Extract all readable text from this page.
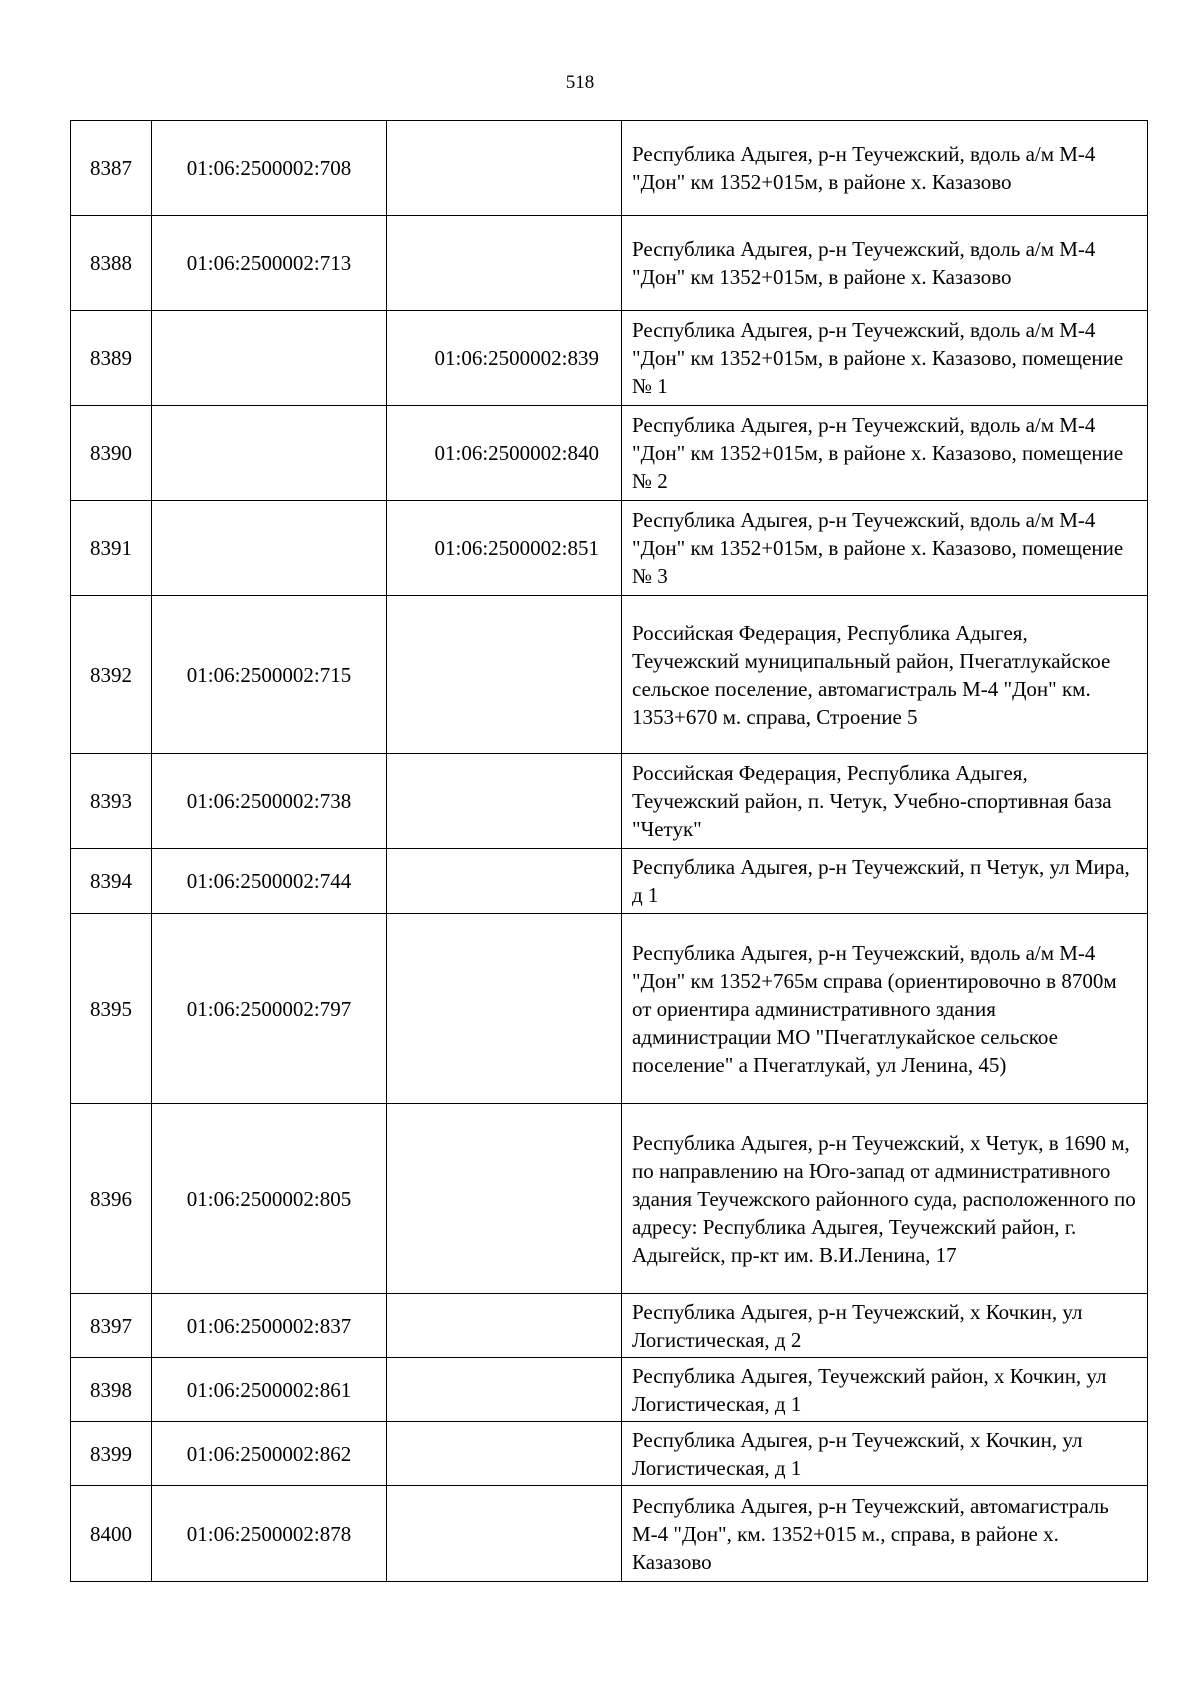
518
8387	01:06:2500002:708		Республика Адыгея, р-н Теучежский, вдоль а/м М-4 "Дон" км 1352+015м, в районе х. Казазово
8388	01:06:2500002:713		Республика Адыгея, р-н Теучежский, вдоль а/м М-4 "Дон" км 1352+015м, в районе х. Казазово
8389		01:06:2500002:839	Республика Адыгея, р-н Теучежский, вдоль а/м М-4 "Дон" км 1352+015м, в районе х. Казазово, помещение № 1
8390		01:06:2500002:840	Республика Адыгея, р-н Теучежский, вдоль а/м М-4 "Дон" км 1352+015м, в районе х. Казазово, помещение № 2
8391		01:06:2500002:851	Республика Адыгея, р-н Теучежский, вдоль а/м М-4 "Дон" км 1352+015м, в районе х. Казазово, помещение № 3
8392	01:06:2500002:715		Российская Федерация, Республика Адыгея, Теучежский муниципальный район, Пчегатлукайское сельское поселение, автомагистраль М-4 "Дон" км. 1353+670 м. справа, Строение 5
8393	01:06:2500002:738		Российская Федерация, Республика Адыгея, Теучежский район, п. Четук, Учебно-спортивная база "Четук"
8394	01:06:2500002:744		Республика Адыгея, р-н Теучежский, п Четук, ул Мира, д 1
8395	01:06:2500002:797		Республика Адыгея, р-н Теучежский, вдоль а/м М-4 "Дон" км 1352+765м справа (ориентировочно в 8700м от ориентира административного здания администрации МО "Пчегатлукайское сельское поселение" а Пчегатлукай, ул Ленина, 45)
8396	01:06:2500002:805		Республика Адыгея, р-н Теучежский, х Четук, в 1690 м, по направлению на Юго-запад от административного здания Теучежского районного суда, расположенного по адресу: Республика Адыгея, Теучежский район, г. Адыгейск, пр-кт им. В.И.Ленина, 17
8397	01:06:2500002:837		Республика Адыгея, р-н Теучежский, х Кочкин, ул Логистическая, д 2
8398	01:06:2500002:861		Республика Адыгея, Теучежский район, х Кочкин, ул Логистическая, д 1
8399	01:06:2500002:862		Республика Адыгея, р-н Теучежский, х Кочкин, ул Логистическая, д 1
8400	01:06:2500002:878		Республика Адыгея, р-н Теучежский, автомагистраль М-4 "Дон", км. 1352+015 м., справа, в районе х. Казазово
